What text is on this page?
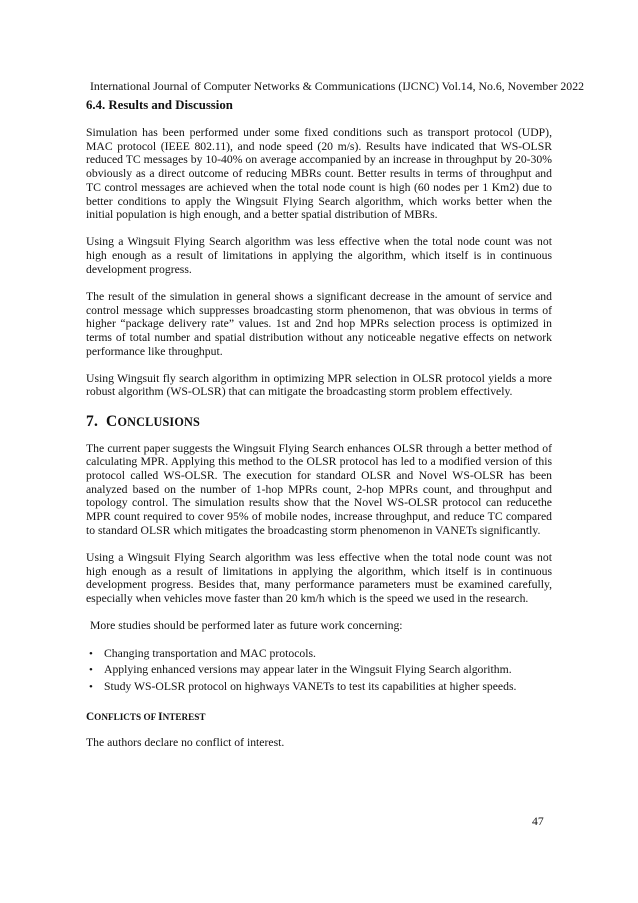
International Journal of Computer Networks & Communications (IJCNC) Vol.14, No.6, November 2022
6.4. Results and Discussion

Simulation has been performed under some fixed conditions such as transport protocol (UDP), MAC protocol (IEEE 802.11), and node speed (20 m/s). Results have indicated that WS-OLSR reduced TC messages by 10-40% on average accompanied by an increase in throughput by 20-30% obviously as a direct outcome of reducing MBRs count. Better results in terms of throughput and TC control messages are achieved when the total node count is high (60 nodes per 1 Km2) due to better conditions to apply the Wingsuit Flying Search algorithm, which works better when the initial population is high enough, and a better spatial distribution of MBRs.

Using a Wingsuit Flying Search algorithm was less effective when the total node count was not high enough as a result of limitations in applying the algorithm, which itself is in continuous development progress.

The result of the simulation in general shows a significant decrease in the amount of service and control message which suppresses broadcasting storm phenomenon, that was obvious in terms of higher “package delivery rate” values. 1st and 2nd hop MPRs selection process is optimized in terms of total number and spatial distribution without any noticeable negative effects on network performance like throughput.

Using Wingsuit fly search algorithm in optimizing MPR selection in OLSR protocol yields a more robust algorithm (WS-OLSR) that can mitigate the broadcasting storm problem effectively.

7. CONCLUSIONS

The current paper suggests the Wingsuit Flying Search enhances OLSR through a better method of calculating MPR. Applying this method to the OLSR protocol has led to a modified version of this protocol called WS-OLSR. The execution for standard OLSR and Novel WS-OLSR has been analyzed based on the number of 1-hop MPRs count, 2-hop MPRs count, and throughput and topology control. The simulation results show that the Novel WS-OLSR protocol can reducethe MPR count required to cover 95% of mobile nodes, increase throughput, and reduce TC compared to standard OLSR which mitigates the broadcasting storm phenomenon in VANETs significantly.

Using a Wingsuit Flying Search algorithm was less effective when the total node count was not high enough as a result of limitations in applying the algorithm, which itself is in continuous development progress. Besides that, many performance parameters must be examined carefully, especially when vehicles move faster than 20 km/h which is the speed we used in the research.

More studies should be performed later as future work concerning:

• Changing transportation and MAC protocols.
• Applying enhanced versions may appear later in the Wingsuit Flying Search algorithm.
• Study WS-OLSR protocol on highways VANETs to test its capabilities at higher speeds.
CONFLICTS OF INTEREST

The authors declare no conflict of interest.

47
